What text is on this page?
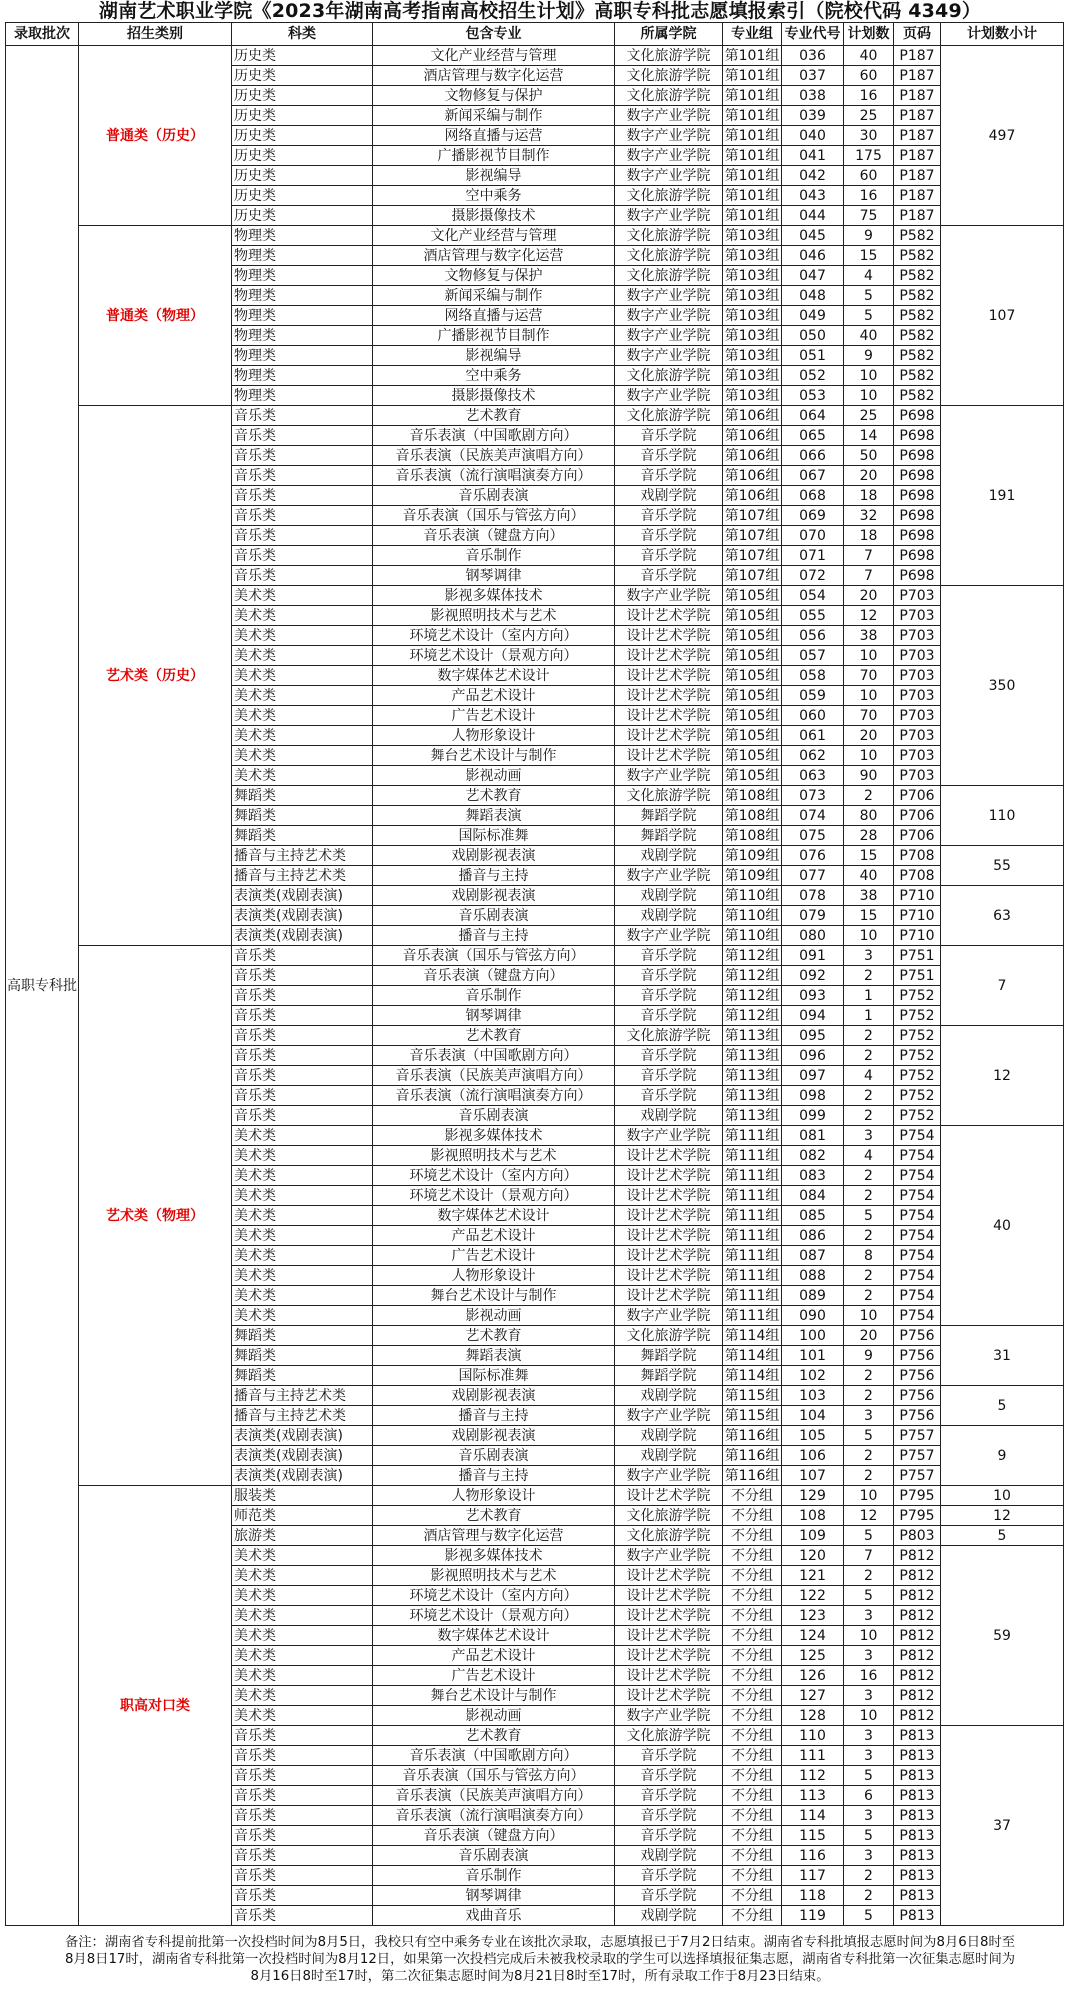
湖南艺术职业学院《2023年湖南高考指南高校招生计划》高职专科批志愿填报索引（院校代码 4349）
录取批次	招生类别	科类	包含专业	所属学院	专业组	专业代号	计划数	页码	计划数小计
高职专科批	普通类（历史）	历史类	文化产业经营与管理	文化旅游学院	第101组	036	40	P187	497
		历史类	酒店管理与数字化运营	文化旅游学院	第101组	037	60	P187	
		历史类	文物修复与保护	文化旅游学院	第101组	038	16	P187	
		历史类	新闻采编与制作	数字产业学院	第101组	039	25	P187	
		历史类	网络直播与运营	数字产业学院	第101组	040	30	P187	
		历史类	广播影视节目制作	数字产业学院	第101组	041	175	P187	
		历史类	影视编导	数字产业学院	第101组	042	60	P187	
		历史类	空中乘务	文化旅游学院	第101组	043	16	P187	
		历史类	摄影摄像技术	数字产业学院	第101组	044	75	P187	
	普通类（物理）	物理类	文化产业经营与管理	文化旅游学院	第103组	045	9	P582	107
		物理类	酒店管理与数字化运营	文化旅游学院	第103组	046	15	P582	
		物理类	文物修复与保护	文化旅游学院	第103组	047	4	P582	
		物理类	新闻采编与制作	数字产业学院	第103组	048	5	P582	
		物理类	网络直播与运营	数字产业学院	第103组	049	5	P582	
		物理类	广播影视节目制作	数字产业学院	第103组	050	40	P582	
		物理类	影视编导	数字产业学院	第103组	051	9	P582	
		物理类	空中乘务	文化旅游学院	第103组	052	10	P582	
		物理类	摄影摄像技术	数字产业学院	第103组	053	10	P582	
	艺术类（历史）	音乐类	艺术教育	文化旅游学院	第106组	064	25	P698	191
		音乐类	音乐表演（中国歌剧方向）	音乐学院	第106组	065	14	P698	
		音乐类	音乐表演（民族美声演唱方向）	音乐学院	第106组	066	50	P698	
		音乐类	音乐表演（流行演唱演奏方向）	音乐学院	第106组	067	20	P698	
		音乐类	音乐剧表演	戏剧学院	第106组	068	18	P698	
		音乐类	音乐表演（国乐与管弦方向）	音乐学院	第107组	069	32	P698	
		音乐类	音乐表演（键盘方向）	音乐学院	第107组	070	18	P698	
		音乐类	音乐制作	音乐学院	第107组	071	7	P698	
		音乐类	钢琴调律	音乐学院	第107组	072	7	P698	
		美术类	影视多媒体技术	数字产业学院	第105组	054	20	P703	350
		美术类	影视照明技术与艺术	设计艺术学院	第105组	055	12	P703	
		美术类	环境艺术设计（室内方向）	设计艺术学院	第105组	056	38	P703	
		美术类	环境艺术设计（景观方向）	设计艺术学院	第105组	057	10	P703	
		美术类	数字媒体艺术设计	设计艺术学院	第105组	058	70	P703	
		美术类	产品艺术设计	设计艺术学院	第105组	059	10	P703	
		美术类	广告艺术设计	设计艺术学院	第105组	060	70	P703	
		美术类	人物形象设计	设计艺术学院	第105组	061	20	P703	
		美术类	舞台艺术设计与制作	设计艺术学院	第105组	062	10	P703	
		美术类	影视动画	数字产业学院	第105组	063	90	P703	
		舞蹈类	艺术教育	文化旅游学院	第108组	073	2	P706	110
		舞蹈类	舞蹈表演	舞蹈学院	第108组	074	80	P706	
		舞蹈类	国际标准舞	舞蹈学院	第108组	075	28	P706	
		播音与主持艺术类	戏剧影视表演	戏剧学院	第109组	076	15	P708	55
		播音与主持艺术类	播音与主持	数字产业学院	第109组	077	40	P708	
		表演类(戏剧表演)	戏剧影视表演	戏剧学院	第110组	078	38	P710	63
		表演类(戏剧表演)	音乐剧表演	戏剧学院	第110组	079	15	P710	
		表演类(戏剧表演)	播音与主持	数字产业学院	第110组	080	10	P710	
	艺术类（物理）	音乐类	音乐表演（国乐与管弦方向）	音乐学院	第112组	091	3	P751	7
		音乐类	音乐表演（键盘方向）	音乐学院	第112组	092	2	P751	
		音乐类	音乐制作	音乐学院	第112组	093	1	P752	
		音乐类	钢琴调律	音乐学院	第112组	094	1	P752	
		音乐类	艺术教育	文化旅游学院	第113组	095	2	P752	12
		音乐类	音乐表演（中国歌剧方向）	音乐学院	第113组	096	2	P752	
		音乐类	音乐表演（民族美声演唱方向）	音乐学院	第113组	097	4	P752	
		音乐类	音乐表演（流行演唱演奏方向）	音乐学院	第113组	098	2	P752	
		音乐类	音乐剧表演	戏剧学院	第113组	099	2	P752	
		美术类	影视多媒体技术	数字产业学院	第111组	081	3	P754	40
		美术类	影视照明技术与艺术	设计艺术学院	第111组	082	4	P754	
		美术类	环境艺术设计（室内方向）	设计艺术学院	第111组	083	2	P754	
		美术类	环境艺术设计（景观方向）	设计艺术学院	第111组	084	2	P754	
		美术类	数字媒体艺术设计	设计艺术学院	第111组	085	5	P754	
		美术类	产品艺术设计	设计艺术学院	第111组	086	2	P754	
		美术类	广告艺术设计	设计艺术学院	第111组	087	8	P754	
		美术类	人物形象设计	设计艺术学院	第111组	088	2	P754	
		美术类	舞台艺术设计与制作	设计艺术学院	第111组	089	2	P754	
		美术类	影视动画	数字产业学院	第111组	090	10	P754	
		舞蹈类	艺术教育	文化旅游学院	第114组	100	20	P756	31
		舞蹈类	舞蹈表演	舞蹈学院	第114组	101	9	P756	
		舞蹈类	国际标准舞	舞蹈学院	第114组	102	2	P756	
		播音与主持艺术类	戏剧影视表演	戏剧学院	第115组	103	2	P756	5
		播音与主持艺术类	播音与主持	数字产业学院	第115组	104	3	P756	
		表演类(戏剧表演)	戏剧影视表演	戏剧学院	第116组	105	5	P757	9
		表演类(戏剧表演)	音乐剧表演	戏剧学院	第116组	106	2	P757	
		表演类(戏剧表演)	播音与主持	数字产业学院	第116组	107	2	P757	
	职高对口类	服装类	人物形象设计	设计艺术学院	不分组	129	10	P795	10
		师范类	艺术教育	文化旅游学院	不分组	108	12	P795	12
		旅游类	酒店管理与数字化运营	文化旅游学院	不分组	109	5	P803	5
		美术类	影视多媒体技术	数字产业学院	不分组	120	7	P812	59
		美术类	影视照明技术与艺术	设计艺术学院	不分组	121	2	P812	
		美术类	环境艺术设计（室内方向）	设计艺术学院	不分组	122	5	P812	
		美术类	环境艺术设计（景观方向）	设计艺术学院	不分组	123	3	P812	
		美术类	数字媒体艺术设计	设计艺术学院	不分组	124	10	P812	
		美术类	产品艺术设计	设计艺术学院	不分组	125	3	P812	
		美术类	广告艺术设计	设计艺术学院	不分组	126	16	P812	
		美术类	舞台艺术设计与制作	设计艺术学院	不分组	127	3	P812	
		美术类	影视动画	数字产业学院	不分组	128	10	P812	
		音乐类	艺术教育	文化旅游学院	不分组	110	3	P813	37
		音乐类	音乐表演（中国歌剧方向）	音乐学院	不分组	111	3	P813	
		音乐类	音乐表演（国乐与管弦方向）	音乐学院	不分组	112	5	P813	
		音乐类	音乐表演（民族美声演唱方向）	音乐学院	不分组	113	6	P813	
		音乐类	音乐表演（流行演唱演奏方向）	音乐学院	不分组	114	3	P813	
		音乐类	音乐表演（键盘方向）	音乐学院	不分组	115	5	P813	
		音乐类	音乐剧表演	戏剧学院	不分组	116	3	P813	
		音乐类	音乐制作	音乐学院	不分组	117	2	P813	
		音乐类	钢琴调律	音乐学院	不分组	118	2	P813	
		音乐类	戏曲音乐	戏剧学院	不分组	119	5	P813	
备注：湖南省专科提前批第一次投档时间为8月5日，我校只有空中乘务专业在该批次录取，志愿填报已于7月2日结束。湖南省专科批填报志愿时间为8月6日8时至
8月8日17时，湖南省专科批第一次投档时间为8月12日，如果第一次投档完成后未被我校录取的学生可以选择填报征集志愿，湖南省专科批第一次征集志愿时间为
8月16日8时至17时，第二次征集志愿时间为8月21日8时至17时，所有录取工作于8月23日结束。
